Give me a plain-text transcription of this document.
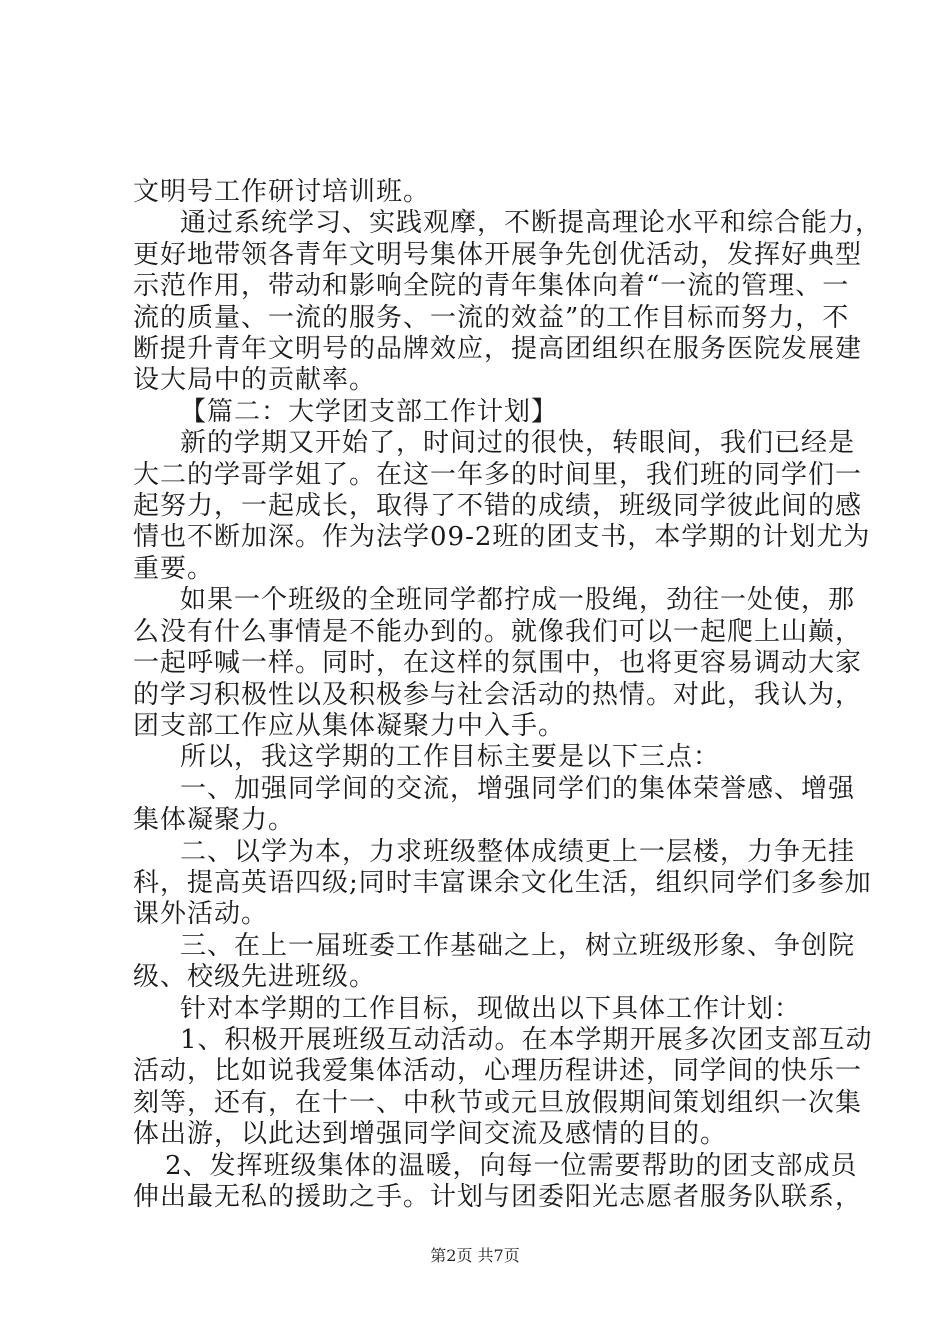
文明号工作研讨培训班。
通过系统学习、实践观摩，不断提高理论水平和综合能力，
更好地带领各青年文明号集体开展争先创优活动，发挥好典型
示范作用，带动和影响全院的青年集体向着“一流的管理、一
流的质量、一流的服务、一流的效益”的工作目标而努力，不
断提升青年文明号的品牌效应，提高团组织在服务医院发展建
设大局中的贡献率。
【篇二：大学团支部工作计划】
新的学期又开始了，时间过的很快，转眼间，我们已经是
大二的学哥学姐了。在这一年多的时间里，我们班的同学们一
起努力，一起成长，取得了不错的成绩，班级同学彼此间的感
情也不断加深。作为法学09-2班的团支书，本学期的计划尤为
重要。
如果一个班级的全班同学都拧成一股绳，劲往一处使，那
么没有什么事情是不能办到的。就像我们可以一起爬上山巅，
一起呼喊一样。同时，在这样的氛围中，也将更容易调动大家
的学习积极性以及积极参与社会活动的热情。对此，我认为，
团支部工作应从集体凝聚力中入手。
所以，我这学期的工作目标主要是以下三点：
一、加强同学间的交流，增强同学们的集体荣誉感、增强
集体凝聚力。
二、以学为本，力求班级整体成绩更上一层楼，力争无挂
科，提高英语四级;同时丰富课余文化生活，组织同学们多参加
课外活动。
三、在上一届班委工作基础之上，树立班级形象、争创院
级、校级先进班级。
针对本学期的工作目标，现做出以下具体工作计划：
1、积极开展班级互动活动。在本学期开展多次团支部互动
活动，比如说我爱集体活动，心理历程讲述，同学间的快乐一
刻等，还有，在十一、中秋节或元旦放假期间策划组织一次集
体出游，以此达到增强同学间交流及感情的目的。
2、发挥班级集体的温暖，向每一位需要帮助的团支部成员
伸出最无私的援助之手。计划与团委阳光志愿者服务队联系，
第2页 共7页
